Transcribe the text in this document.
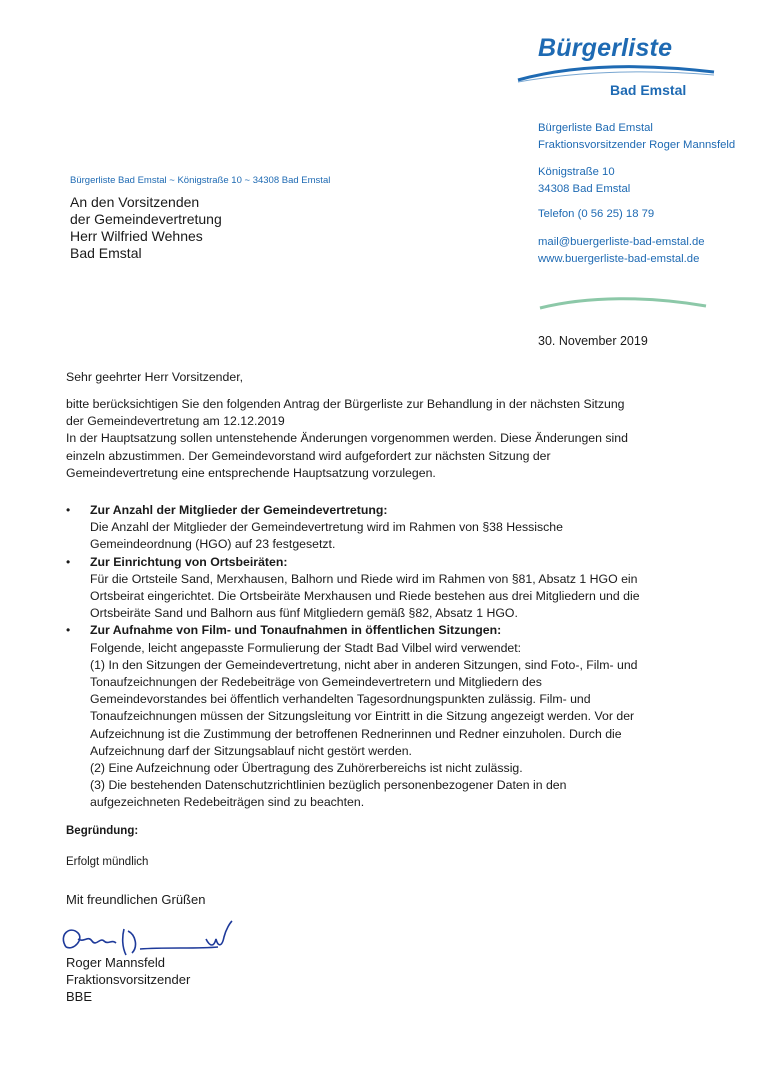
Bürgerliste
Bad Emstal
Bürgerliste Bad Emstal
Fraktionsvorsitzender Roger Mannsfeld
Königstraße 10
34308 Bad Emstal
Telefon (0 56 25) 18 79
mail@buergerliste-bad-emstal.de
www.buergerliste-bad-emstal.de
Bürgerliste Bad Emstal ~ Königstraße 10 ~ 34308 Bad Emstal
An den Vorsitzenden
der Gemeindevertretung
Herr Wilfried Wehnes
Bad Emstal
30. November 2019
Sehr geehrter Herr Vorsitzender,
bitte berücksichtigen Sie den folgenden Antrag der Bürgerliste zur Behandlung in der nächsten Sitzung
der Gemeindevertretung am 12.12.2019
In der Hauptsatzung sollen untenstehende Änderungen vorgenommen werden. Diese Änderungen sind
einzeln abzustimmen. Der Gemeindevorstand wird aufgefordert zur nächsten Sitzung der
Gemeindevertretung eine entsprechende Hauptsatzung vorzulegen.
• Zur Anzahl der Mitglieder der Gemeindevertretung:
Die Anzahl der Mitglieder der Gemeindevertretung wird im Rahmen von §38 Hessische
Gemeindeordnung (HGO) auf 23 festgesetzt.
• Zur Einrichtung von Ortsbeiräten:
Für die Ortsteile Sand, Merxhausen, Balhorn und Riede wird im Rahmen von §81, Absatz 1 HGO ein
Ortsbeirat eingerichtet. Die Ortsbeiräte Merxhausen und Riede bestehen aus drei Mitgliedern und die
Ortsbeiräte Sand und Balhorn aus fünf Mitgliedern gemäß §82, Absatz 1 HGO.
• Zur Aufnahme von Film- und Tonaufnahmen in öffentlichen Sitzungen:
Folgende, leicht angepasste Formulierung der Stadt Bad Vilbel wird verwendet:
(1) In den Sitzungen der Gemeindevertretung, nicht aber in anderen Sitzungen, sind Foto-, Film- und
Tonaufzeichnungen der Redebeiträge von Gemeindevertretern und Mitgliedern des
Gemeindevorstandes bei öffentlich verhandelten Tagesordnungspunkten zulässig. Film- und
Tonaufzeichnungen müssen der Sitzungsleitung vor Eintritt in die Sitzung angezeigt werden. Vor der
Aufzeichnung ist die Zustimmung der betroffenen Rednerinnen und Redner einzuholen. Durch die
Aufzeichnung darf der Sitzungsablauf nicht gestört werden.
(2) Eine Aufzeichnung oder Übertragung des Zuhörerbereichs ist nicht zulässig.
(3) Die bestehenden Datenschutzrichtlinien bezüglich personenbezogener Daten in den
aufgezeichneten Redebeiträgen sind zu beachten.
Begründung:
Erfolgt mündlich
Mit freundlichen Grüßen
Roger Mannsfeld
Fraktionsvorsitzender
BBE
